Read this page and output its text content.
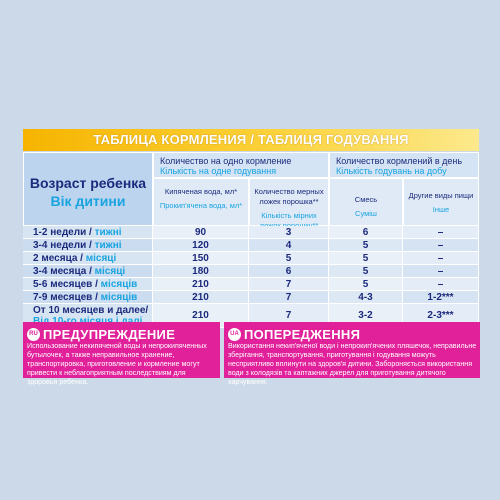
ТАБЛИЦА КОРМЛЕНИЯ / ТАБЛИЦЯ ГОДУВАННЯ
Возраст ребенка
Вік дитини
Количество на одно кормление
Кількість на одне годування
Количество кормлений в день
Кількість годувань на добу
Кипяченая вода, мл*
Прокип'ячена вода, мл*
Количество мерных ложек порошка**
Кількість мірних
Смесь
Суміш
Другие виды пищи
Інше
1-2 недели / тижні	90	3	6	–
3-4 недели / тижні	120	4	5	–
2 месяца / місяці	150	5	5	–
3-4 месяца / місяці	180	6	5	–
5-6 месяцев / місяців	210	7	5	–
7-9 месяцев / місяців	210	7	4-3	1-2***
От 10 месяцев и далее/	210	7	3-2	2-3***
RU ПРЕДУПРЕЖДЕНИЕ
Использование некипяченой воды и непрокипяченных бутылочек, а также неправильное хранение, транспортировка, приготовление и кормление могут привести к неблагоприятным последствиям для здоровья ребенка.
UA ПОПЕРЕДЖЕННЯ
Використання некип'яченої води і непрокип'ячених пляшечок, неправильне зберігання, транспортування, приготування і годування можуть несприятливо вплинути на здоров'я дитини. Забороняється використання води з колодязів та каптажних джерел для приготування дитячого харчування.
